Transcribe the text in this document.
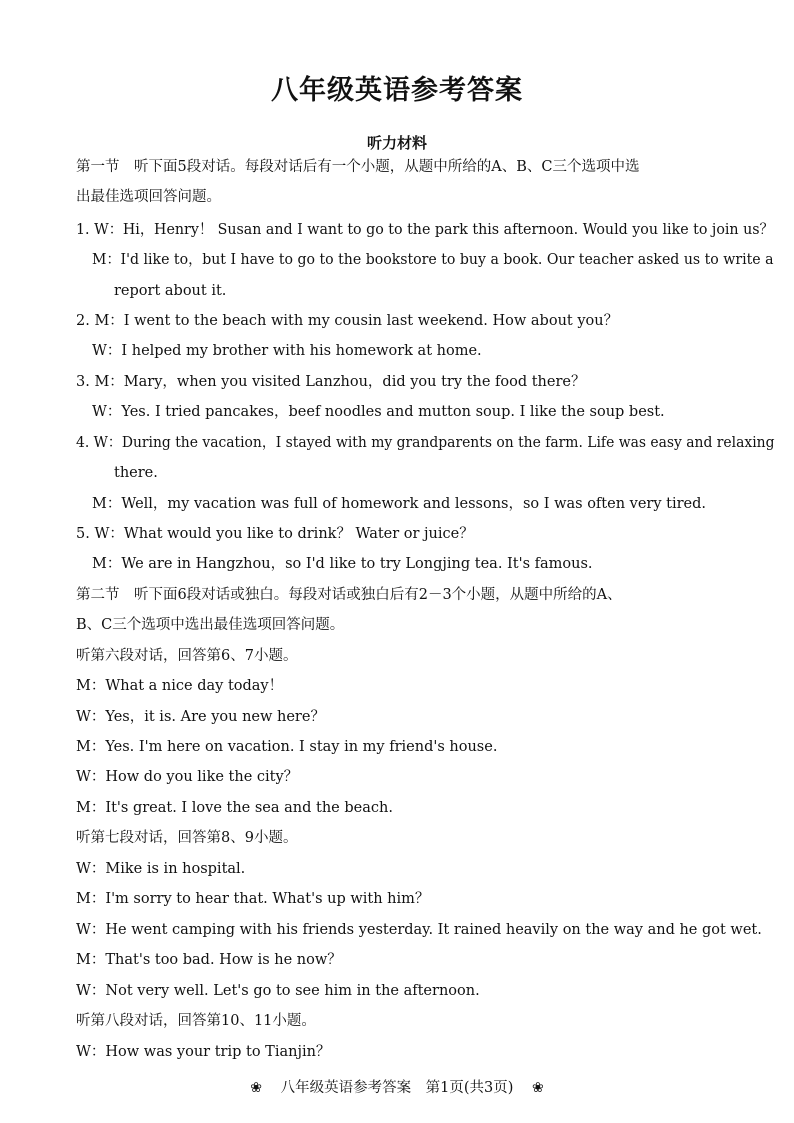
八年级英语参考答案
听力材料
第一节　听下面5段对话。每段对话后有一个小题，从题中所给的A、B、C三个选项中选
出最佳选项回答问题。
1. W：Hi，Henry！ Susan and I want to go to the park this afternoon. Would you like to join us？
M：I'd like to，but I have to go to the bookstore to buy a book. Our teacher asked us to write a
report about it.
2. M：I went to the beach with my cousin last weekend. How about you？
W：I helped my brother with his homework at home.
3. M：Mary，when you visited Lanzhou，did you try the food there？
W：Yes. I tried pancakes，beef noodles and mutton soup. I like the soup best.
4. W：During the vacation，I stayed with my grandparents on the farm. Life was easy and relaxing
there.
M：Well，my vacation was full of homework and lessons，so I was often very tired.
5. W：What would you like to drink？ Water or juice？
M：We are in Hangzhou，so I'd like to try Longjing tea. It's famous.
第二节　听下面6段对话或独白。每段对话或独白后有2－3个小题，从题中所给的A、
B、C三个选项中选出最佳选项回答问题。
听第六段对话，回答第6、7小题。
M：What a nice day today！
W：Yes，it is. Are you new here？
M：Yes. I'm here on vacation. I stay in my friend's house.
W：How do you like the city？
M：It's great. I love the sea and the beach.
听第七段对话，回答第8、9小题。
W：Mike is in hospital.
M：I'm sorry to hear that. What's up with him？
W：He went camping with his friends yesterday. It rained heavily on the way and he got wet.
M：That's too bad. How is he now？
W：Not very well. Let's go to see him in the afternoon.
听第八段对话，回答第10、11小题。
W：How was your trip to Tianjin？
❀ 八年级英语参考答案　第1页(共3页) ❀
